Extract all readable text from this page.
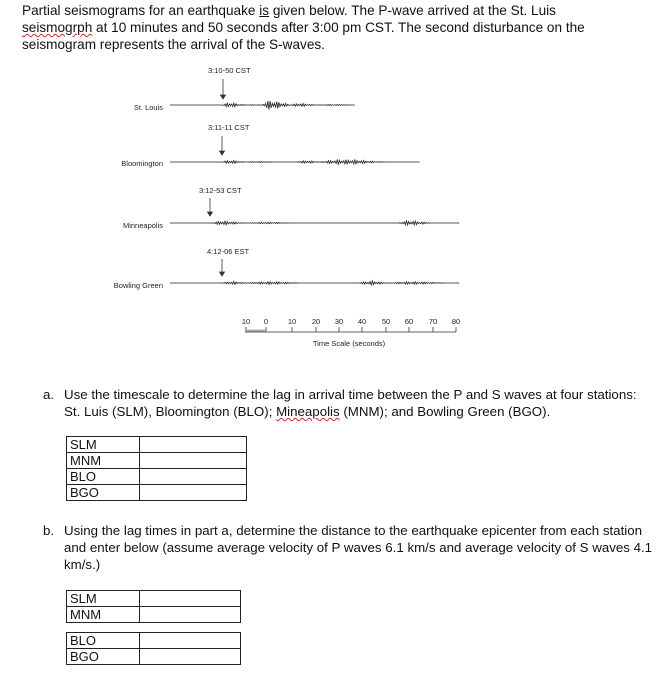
Partial seismograms for an earthquake is given below. The P-wave arrived at the St. Luis seismogrph at 10 minutes and 50 seconds after 3:00 pm CST. The second disturbance on the seismogram represents the arrival of the S-waves.

3:10-50 CST
3:11-11 CST
3:12-53 CST
4:12-06 EST
St. Louis
Bloomington
Minneapolis
Bowling Green
10 0	10 20 30 40 50 60 70 80
Time Scale (seconds)
a. Use the timescale to determine the lag in arrival time between the P and S waves at four stations: St. Luis (SLM), Bloomington (BLO); Mineapolis (MNM); and Bowling Green (BGO).
SLM	
MNM	
BLO	
BGO	
b. Using the lag times in part a, determine the distance to the earthquake epicenter from each station and enter below (assume average velocity of P waves 6.1 km/s and average velocity of S waves 4.1 km/s.)
SLM	
MNM	
BLO	
BGO	
